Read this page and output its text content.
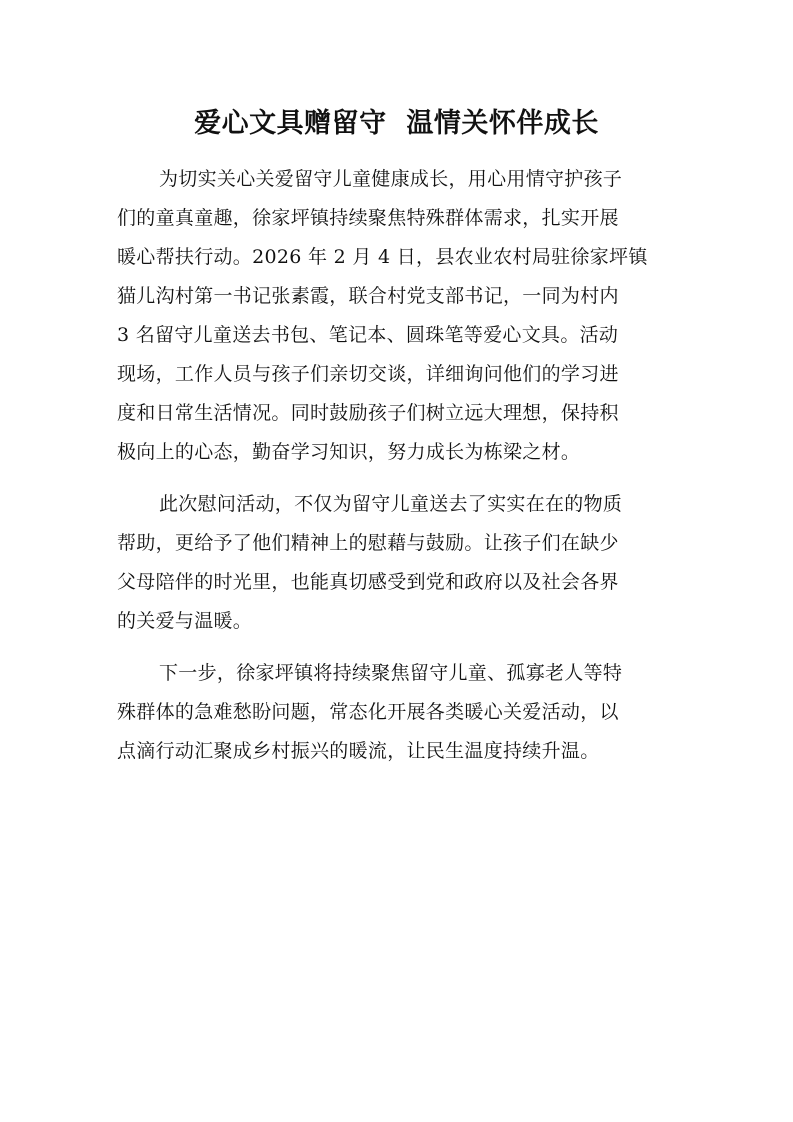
爱心文具赠留守  温情关怀伴成长
为切实关心关爱留守儿童健康成长，用心用情守护孩子
们的童真童趣，徐家坪镇持续聚焦特殊群体需求，扎实开展
暖心帮扶行动。2026 年 2 月 4 日，县农业农村局驻徐家坪镇
猫儿沟村第一书记张素霞，联合村党支部书记，一同为村内
3 名留守儿童送去书包、笔记本、圆珠笔等爱心文具。活动
现场，工作人员与孩子们亲切交谈，详细询问他们的学习进
度和日常生活情况。同时鼓励孩子们树立远大理想，保持积
极向上的心态，勤奋学习知识，努力成长为栋梁之材。
此次慰问活动，不仅为留守儿童送去了实实在在的物质
帮助，更给予了他们精神上的慰藉与鼓励。让孩子们在缺少
父母陪伴的时光里，也能真切感受到党和政府以及社会各界
的关爱与温暖。
下一步，徐家坪镇将持续聚焦留守儿童、孤寡老人等特
殊群体的急难愁盼问题，常态化开展各类暖心关爱活动，以
点滴行动汇聚成乡村振兴的暖流，让民生温度持续升温。
